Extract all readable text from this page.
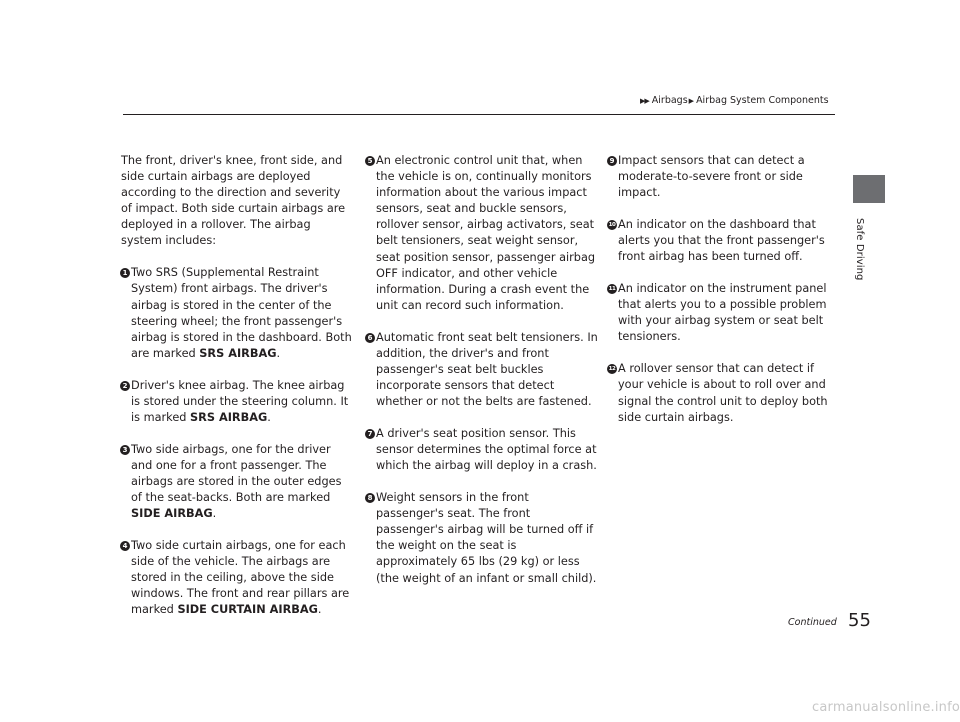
▶▶ Airbags▶ Airbag System Components
Safe Driving

The front, driver's knee, front side, and side curtain airbags are deployed according to the direction and severity of impact. Both side curtain airbags are deployed in a rollover. The airbag system includes:

1 Two SRS (Supplemental Restraint System) front airbags. The driver's airbag is stored in the center of the steering wheel; the front passenger's airbag is stored in the dashboard. Both are marked SRS AIRBAG.
2 Driver's knee airbag. The knee airbag is stored under the steering column. It is marked SRS AIRBAG.
3 Two side airbags, one for the driver and one for a front passenger. The airbags are stored in the outer edges of the seat-backs. Both are marked SIDE AIRBAG.
4 Two side curtain airbags, one for each side of the vehicle. The airbags are stored in the ceiling, above the side windows. The front and rear pillars are marked SIDE CURTAIN AIRBAG.
5 An electronic control unit that, when the vehicle is on, continually monitors information about the various impact sensors, seat and buckle sensors, rollover sensor, airbag activators, seat belt tensioners, seat weight sensor, seat position sensor, passenger airbag OFF indicator, and other vehicle information. During a crash event the unit can record such information.
6 Automatic front seat belt tensioners. In addition, the driver's and front passenger's seat belt buckles incorporate sensors that detect whether or not the belts are fastened.
7 A driver's seat position sensor. This sensor determines the optimal force at which the airbag will deploy in a crash.
8 Weight sensors in the front passenger's seat. The front passenger's airbag will be turned off if the weight on the seat is approximately 65 lbs (29 kg) or less (the weight of an infant or small child).
9 Impact sensors that can detect a moderate-to-severe front or side impact.
10 An indicator on the dashboard that alerts you that the front passenger's front airbag has been turned off.
11 An indicator on the instrument panel that alerts you to a possible problem with your airbag system or seat belt tensioners.
12 A rollover sensor that can detect if your vehicle is about to roll over and signal the control unit to deploy both side curtain airbags.
Continued 55
carmanualsonline.info
